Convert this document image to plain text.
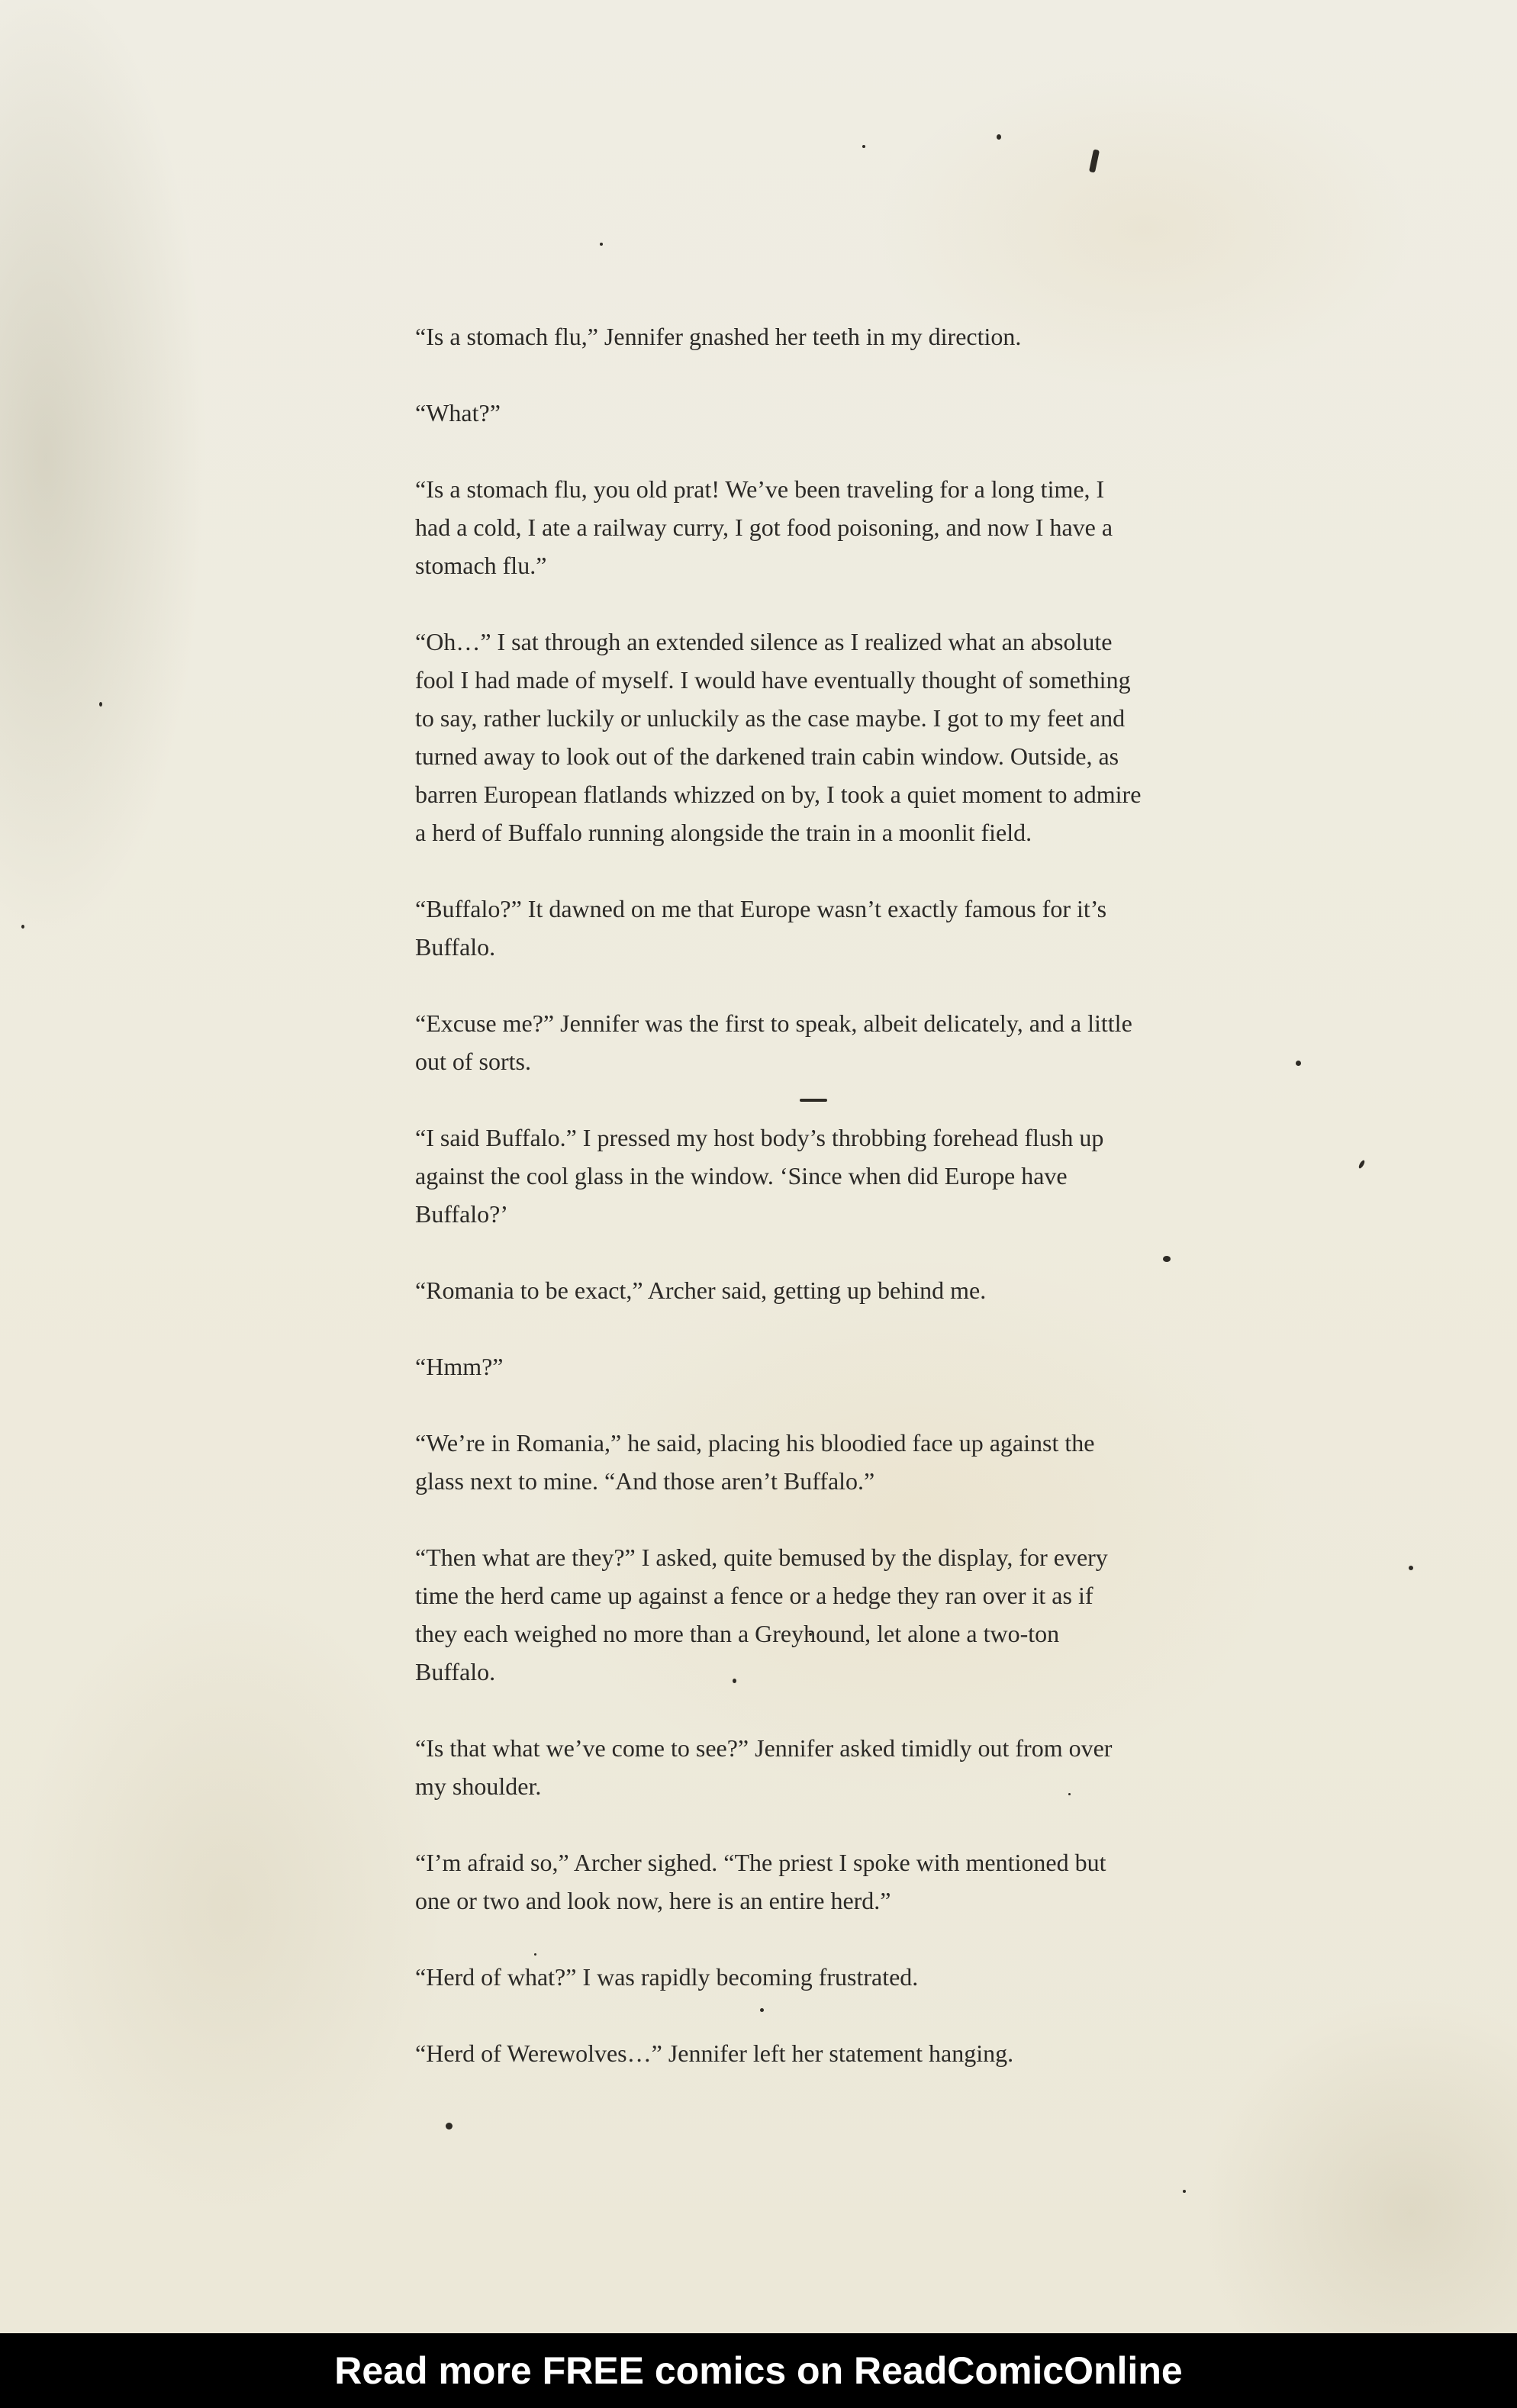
“Is a stomach flu,” Jennifer gnashed her teeth in my direction.

“What?”

“Is a stomach flu, you old prat! We’ve been traveling for a long time, I
had a cold, I ate a railway curry, I got food poisoning, and now I have a
stomach flu.”

“Oh…” I sat through an extended silence as I realized what an absolute
fool I had made of myself. I would have eventually thought of something
to say, rather luckily or unluckily as the case maybe. I got to my feet and
turned away to look out of the darkened train cabin window. Outside, as
barren European flatlands whizzed on by, I took a quiet moment to admire
a herd of Buffalo running alongside the train in a moonlit field.

“Buffalo?” It dawned on me that Europe wasn’t exactly famous for it’s
Buffalo.

“Excuse me?” Jennifer was the first to speak, albeit delicately, and a little
out of sorts.

“I said Buffalo.” I pressed my host body’s throbbing forehead flush up
against the cool glass in the window. ‘Since when did Europe have
Buffalo?’

“Romania to be exact,” Archer said, getting up behind me.

“Hmm?”

“We’re in Romania,” he said, placing his bloodied face up against the
glass next to mine. “And those aren’t Buffalo.”

“Then what are they?” I asked, quite bemused by the display, for every
time the herd came up against a fence or a hedge they ran over it as if
they each weighed no more than a Greyhound, let alone a two-ton
Buffalo.

“Is that what we’ve come to see?” Jennifer asked timidly out from over
my shoulder.

“I’m afraid so,” Archer sighed. “The priest I spoke with mentioned but
one or two and look now, here is an entire herd.”

“Herd of what?” I was rapidly becoming frustrated.

“Herd of Werewolves…” Jennifer left her statement hanging.

Read more FREE comics on ReadComicOnline
